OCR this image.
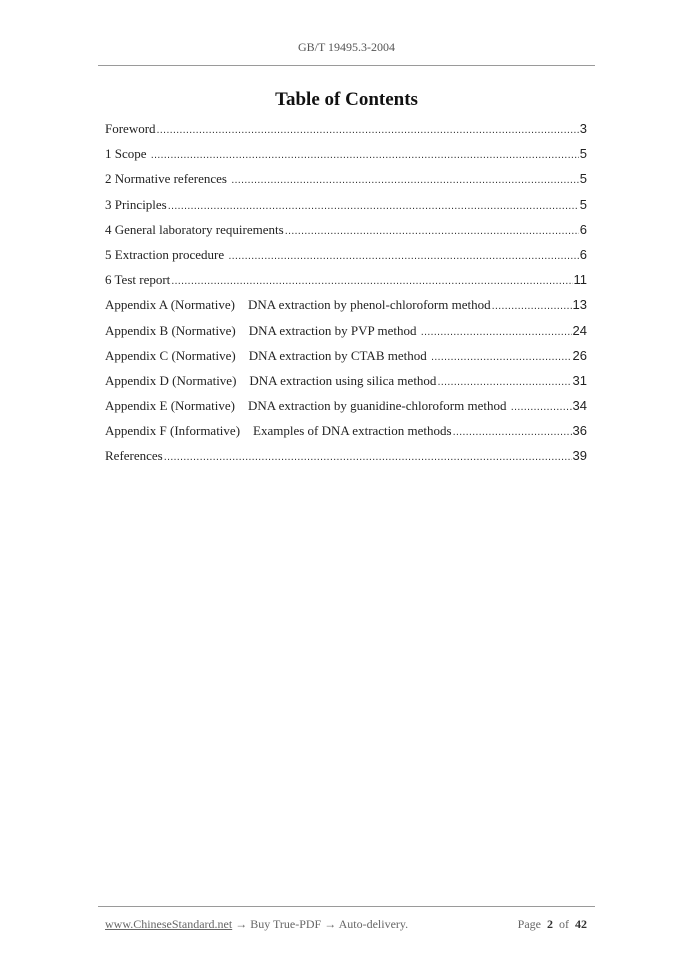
GB/T 19495.3-2004
Table of Contents
Foreword .....	3
1 Scope .....	5
2 Normative references .....	5
3 Principles .....	5
4 General laboratory requirements .....	6
5 Extraction procedure .....	6
6 Test report .....	11
Appendix A (Normative)    DNA extraction by phenol-chloroform method .....	13
Appendix B (Normative)    DNA extraction by PVP method .....	24
Appendix C (Normative)    DNA extraction by CTAB method .....	26
Appendix D (Normative)    DNA extraction using silica method .....	31
Appendix E (Normative)    DNA extraction by guanidine-chloroform method .....	34
Appendix F (Informative)    Examples of DNA extraction methods .....	36
References .....	39
www.ChineseStandard.net → Buy True-PDF → Auto-delivery.	Page 2 of 42
